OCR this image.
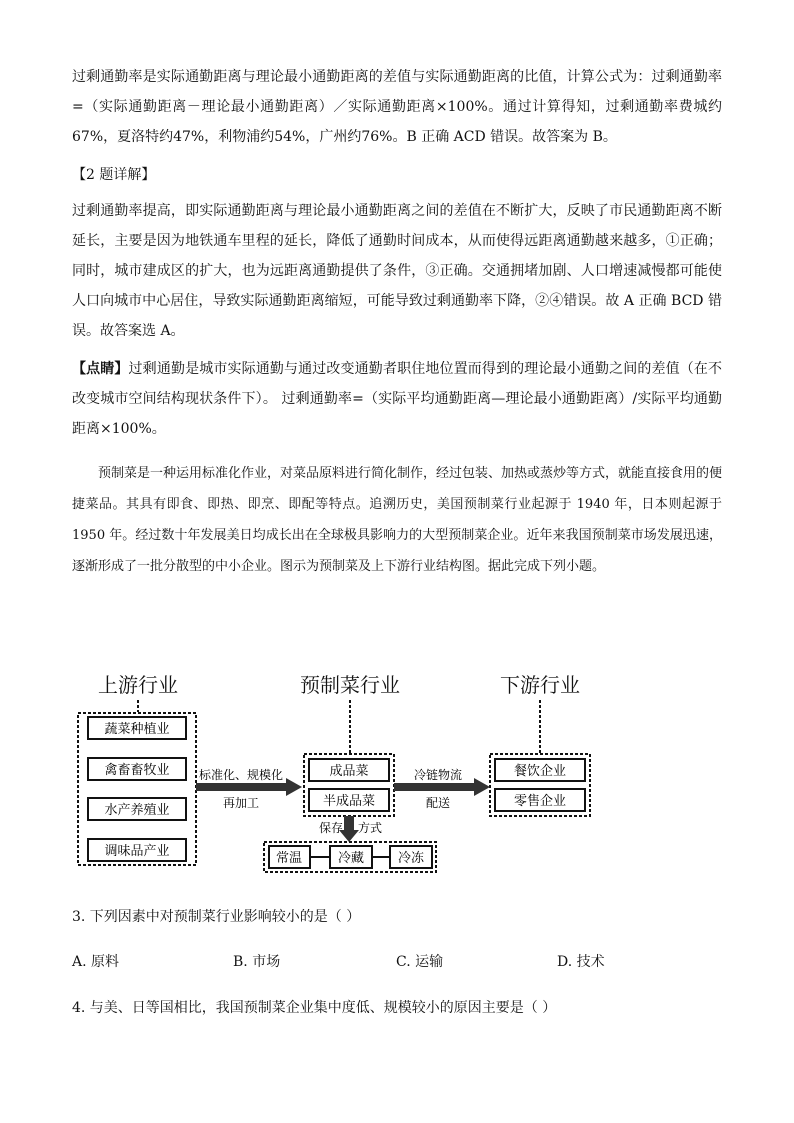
过剩通勤率是实际通勤距离与理论最小通勤距离的差值与实际通勤距离的比值，计算公式为：过剩通勤率=（实际通勤距离－理论最小通勤距离）／实际通勤距离×100%。通过计算得知，过剩通勤率费城约67%，夏洛特约47%，利物浦约54%，广州约76%。B 正确 ACD 错误。故答案为 B。

【2 题详解】

过剩通勤率提高，即实际通勤距离与理论最小通勤距离之间的差值在不断扩大，反映了市民通勤距离不断延长，主要是因为地铁通车里程的延长，降低了通勤时间成本，从而使得远距离通勤越来越多，①正确；同时，城市建成区的扩大，也为远距离通勤提供了条件，③正确。交通拥堵加剧、人口增速减慢都可能使人口向城市中心居住，导致实际通勤距离缩短，可能导致过剩通勤率下降，②④错误。故 A 正确 BCD 错误。故答案选 A。

【点睛】过剩通勤是城市实际通勤与通过改变通勤者职住地位置而得到的理论最小通勤之间的差值（在不改变城市空间结构现状条件下）。 过剩通勤率=（实际平均通勤距离—理论最小通勤距离）/实际平均通勤距离×100%。

预制菜是一种运用标准化作业，对菜品原料进行简化制作，经过包装、加热或蒸炒等方式，就能直接食用的便捷菜品。其具有即食、即热、即烹、即配等特点。追溯历史，美国预制菜行业起源于 1940 年，日本则起源于 1950 年。经过数十年发展美日均成长出在全球极具影响力的大型预制菜企业。近年来我国预制菜市场发展迅速，逐渐形成了一批分散型的中小企业。图示为预制菜及上下游行业结构图。据此完成下列小题。

上游行业	预制菜行业	下游行业
蔬菜种植业
禽畜畜牧业
水产养殖业
调味品产业
标准化、规模化
再加工
成品菜
半成品菜
冷链物流
配送
餐饮企业
零售企业
保存 方式
常温	冷藏	冷冻
3. 下列因素中对预制菜行业影响较小的是（ ）
A. 原料	B. 市场	C. 运输	D. 技术
4. 与美、日等国相比，我国预制菜企业集中度低、规模较小的原因主要是（ ）
